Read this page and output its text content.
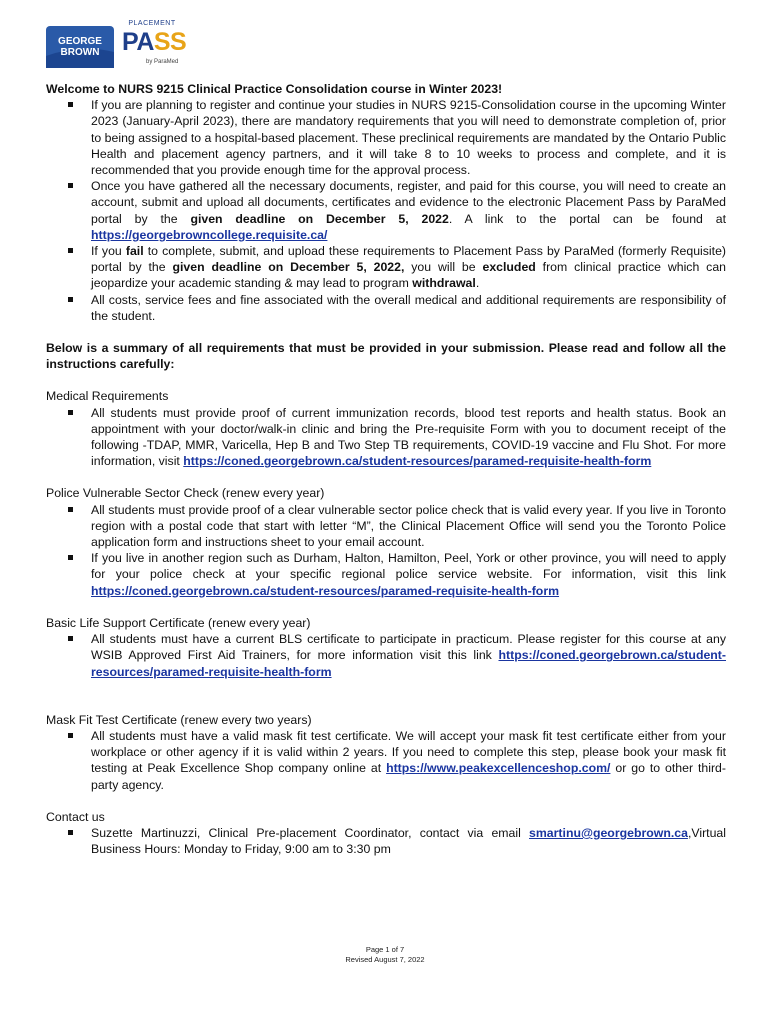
GEORGE
BROWN
PLACEMENT
PASS
by ParaMed

Welcome to NURS 9215 Clinical Practice Consolidation course in Winter 2023!

If you are planning to register and continue your studies in NURS 9215-Consolidation course in the upcoming Winter 2023 (January-April 2023), there are mandatory requirements that you will need to demonstrate completion of, prior to being assigned to a hospital-based placement. These preclinical requirements are mandated by the Ontario Public Health and placement agency partners, and it will take 8 to 10 weeks to process and complete, and it is recommended that you provide enough time for the approval process.
Once you have gathered all the necessary documents, register, and paid for this course, you will need to create an account, submit and upload all documents, certificates and evidence to the electronic Placement Pass by ParaMed portal by the given deadline on December 5, 2022. A link to the portal can be found at https://georgebrowncollege.requisite.ca/
If you fail to complete, submit, and upload these requirements to Placement Pass by ParaMed (formerly Requisite) portal by the given deadline on December 5, 2022, you will be excluded from clinical practice which can jeopardize your academic standing & may lead to program withdrawal.
All costs, service fees and fine associated with the overall medical and additional requirements are responsibility of the student.

Below is a summary of all requirements that must be provided in your submission. Please read and follow all the instructions carefully:

Medical Requirements

All students must provide proof of current immunization records, blood test reports and health status. Book an appointment with your doctor/walk-in clinic and bring the Pre-requisite Form with you to document receipt of the following -TDAP, MMR, Varicella, Hep B and Two Step TB requirements, COVID-19 vaccine and Flu Shot. For more information, visit https://coned.georgebrown.ca/student-resources/paramed-requisite-health-form

Police Vulnerable Sector Check (renew every year)

All students must provide proof of a clear vulnerable sector police check that is valid every year. If you live in Toronto region with a postal code that start with letter “M”, the Clinical Placement Office will send you the Toronto Police application form and instructions sheet to your email account.
If you live in another region such as Durham, Halton, Hamilton, Peel, York or other province, you will need to apply for your police check at your specific regional police service website. For information, visit this link https://coned.georgebrown.ca/student-resources/paramed-requisite-health-form

Basic Life Support Certificate (renew every year)

All students must have a current BLS certificate to participate in practicum. Please register for this course at any WSIB Approved First Aid Trainers, for more information visit this link https://coned.georgebrown.ca/student-resources/paramed-requisite-health-form

Mask Fit Test Certificate (renew every two years)

All students must have a valid mask fit test certificate. We will accept your mask fit test certificate either from your workplace or other agency if it is valid within 2 years. If you need to complete this step, please book your mask fit testing at Peak Excellence Shop company online at https://www.peakexcellenceshop.com/ or go to other third-party agency.

Contact us

Suzette Martinuzzi, Clinical Pre-placement Coordinator, contact via email smartinu@georgebrown.ca,Virtual Business Hours: Monday to Friday, 9:00 am to 3:30 pm
Page 1 of 7
Revised August 7, 2022
